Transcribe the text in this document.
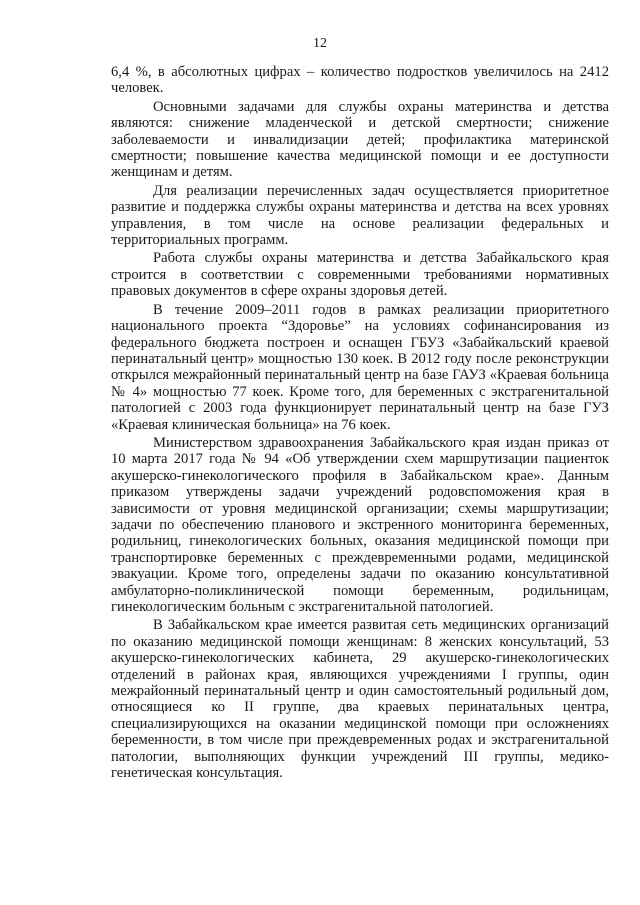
12

6,4 %, в абсолютных цифрах – количество подростков увеличилось на 2412 человек.

Основными задачами для службы охраны материнства и детства являются: снижение младенческой и детской смертности; снижение заболеваемости и инвалидизации детей; профилактика материнской смертности; повышение качества медицинской помощи и ее доступности женщинам и детям.

Для реализации перечисленных задач осуществляется приоритетное развитие и поддержка службы охраны материнства и детства на всех уровнях управления, в том числе на основе реализации федеральных и территориальных программ.

Работа службы охраны материнства и детства Забайкальского края строится в соответствии с современными требованиями нормативных правовых документов в сфере охраны здоровья детей.

В течение 2009–2011 годов в рамках реализации приоритетного национального проекта “Здоровье” на условиях софинансирования из федерального бюджета построен и оснащен ГБУЗ «Забайкальский краевой перинатальный центр» мощностью 130 коек. В 2012 году после реконструкции открылся межрайонный перинатальный центр на базе ГАУЗ «Краевая больница № 4» мощностью 77 коек. Кроме того, для беременных с экстрагенитальной патологией с 2003 года функционирует перинатальный центр на базе ГУЗ «Краевая клиническая больница» на 76 коек.

Министерством здравоохранения Забайкальского края издан приказ от 10 марта 2017 года № 94 «Об утверждении схем маршрутизации пациенток акушерско-гинекологического профиля в Забайкальском крае». Данным приказом утверждены задачи учреждений родовспоможения края в зависимости от уровня медицинской организации; схемы маршрутизации; задачи по обеспечению планового и экстренного мониторинга беременных, родильниц, гинекологических больных, оказания медицинской помощи при транспортировке беременных с преждевременными родами, медицинской эвакуации. Кроме того, определены задачи по оказанию консультативной амбулаторно-поликлинической помощи беременным, родильницам, гинекологическим больным с экстрагенитальной патологией.

В Забайкальском крае имеется развитая сеть медицинских организаций по оказанию медицинской помощи женщинам: 8 женских консультаций, 53 акушерско-гинекологических кабинета, 29 акушерско-гинекологических отделений в районах края, являющихся учреждениями I группы, один межрайонный перинатальный центр и один самостоятельный родильный дом, относящиеся ко II группе, два краевых перинатальных центра, специализирующихся на оказании медицинской помощи при осложнениях беременности, в том числе при преждевременных родах и экстрагенитальной патологии, выполняющих функции учреждений III группы, медико-генетическая консультация.
